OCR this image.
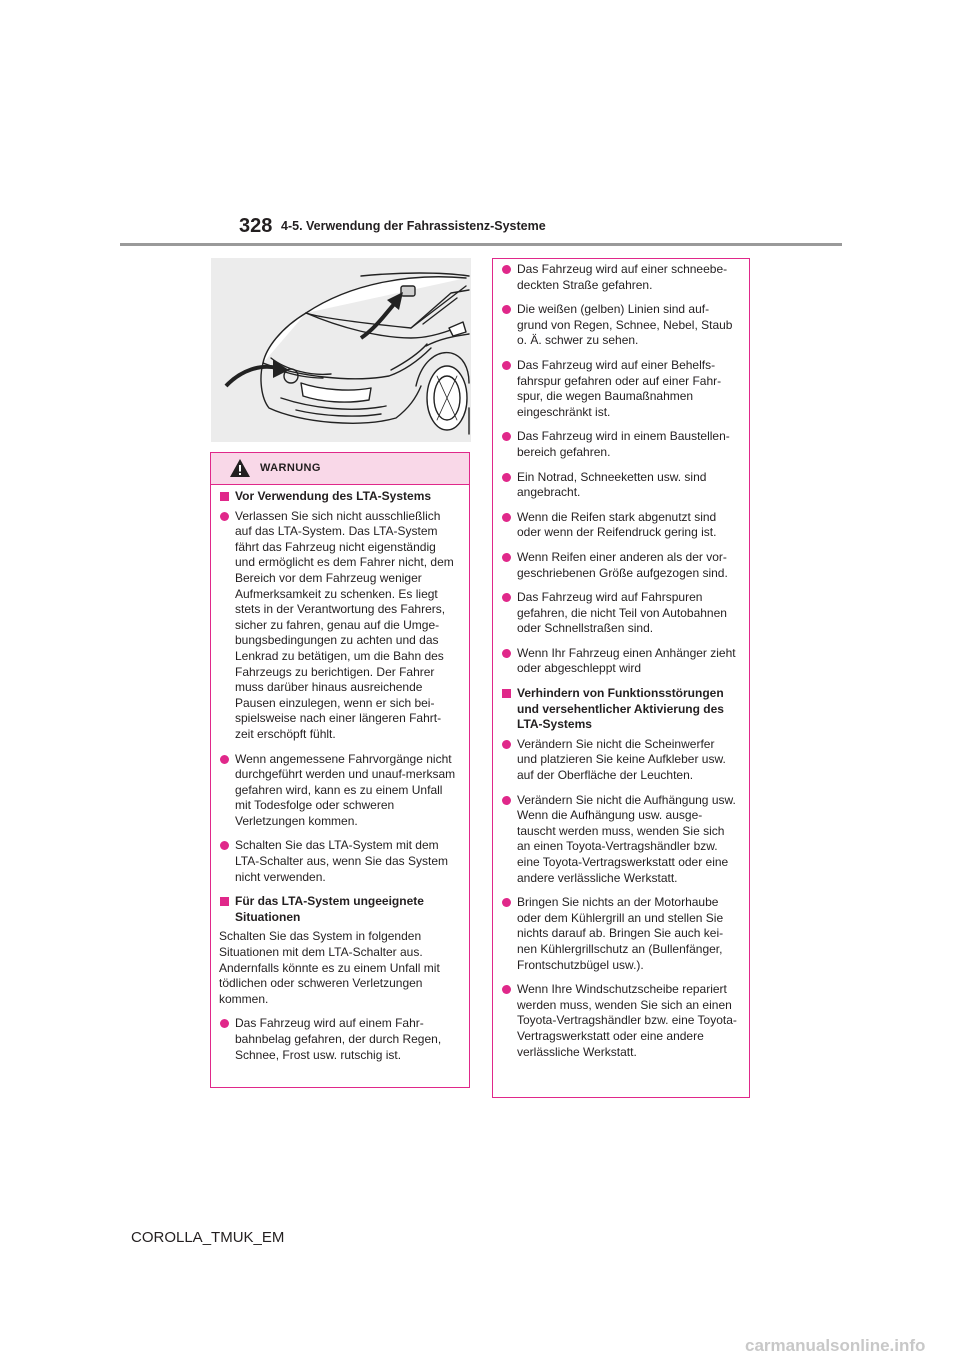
328 4-5. Verwendung der Fahrassistenz-Systeme
WARNUNG
Vor Verwendung des LTA-Systems
Verlassen Sie sich nicht ausschließlich auf das LTA-System. Das LTA-System fährt das Fahrzeug nicht eigenständig und ermöglicht es dem Fahrer nicht, dem Bereich vor dem Fahrzeug weniger Aufmerksamkeit zu schenken. Es liegt stets in der Verantwortung des Fahrers, sicher zu fahren, genau auf die Umge-bungsbedingungen zu achten und das Lenkrad zu betätigen, um die Bahn des Fahrzeugs zu berichtigen. Der Fahrer muss darüber hinaus ausreichende Pausen einzulegen, wenn er sich bei-spielsweise nach einer längeren Fahrt-zeit erschöpft fühlt.
Wenn angemessene Fahrvorgänge nicht durchgeführt werden und unauf-merksam gefahren wird, kann es zu einem Unfall mit Todesfolge oder schweren Verletzungen kommen.
Schalten Sie das LTA-System mit dem LTA-Schalter aus, wenn Sie das System nicht verwenden.
Für das LTA-System ungeeignete Situationen
Schalten Sie das System in folgenden Situationen mit dem LTA-Schalter aus. Andernfalls könnte es zu einem Unfall mit tödlichen oder schweren Verletzungen kommen.
Das Fahrzeug wird auf einem Fahr-bahnbelag gefahren, der durch Regen, Schnee, Frost usw. rutschig ist.
Das Fahrzeug wird auf einer schneebe-deckten Straße gefahren.
Die weißen (gelben) Linien sind auf-grund von Regen, Schnee, Nebel, Staub o. Ä. schwer zu sehen.
Das Fahrzeug wird auf einer Behelfs-fahrspur gefahren oder auf einer Fahr-spur, die wegen Baumaßnahmen eingeschränkt ist.
Das Fahrzeug wird in einem Baustellen-bereich gefahren.
Ein Notrad, Schneeketten usw. sind angebracht.
Wenn die Reifen stark abgenutzt sind oder wenn der Reifendruck gering ist.
Wenn Reifen einer anderen als der vor-geschriebenen Größe aufgezogen sind.
Das Fahrzeug wird auf Fahrspuren gefahren, die nicht Teil von Autobahnen oder Schnellstraßen sind.
Wenn Ihr Fahrzeug einen Anhänger zieht oder abgeschleppt wird
Verhindern von Funktionsstörungen und versehentlicher Aktivierung des LTA-Systems
Verändern Sie nicht die Scheinwerfer und platzieren Sie keine Aufkleber usw. auf der Oberfläche der Leuchten.
Verändern Sie nicht die Aufhängung usw. Wenn die Aufhängung usw. ausge-tauscht werden muss, wenden Sie sich an einen Toyota-Vertragshändler bzw. eine Toyota-Vertragswerkstatt oder eine andere verlässliche Werkstatt.
Bringen Sie nichts an der Motorhaube oder dem Kühlergrill an und stellen Sie nichts darauf ab. Bringen Sie auch kei-nen Kühlergrillschutz an (Bullenfänger, Frontschutzbügel usw.).
Wenn Ihre Windschutzscheibe repariert werden muss, wenden Sie sich an einen Toyota-Vertragshändler bzw. eine Toyota-Vertragswerkstatt oder eine andere verlässliche Werkstatt.
COROLLA_TMUK_EM
carmanualsonline.info
